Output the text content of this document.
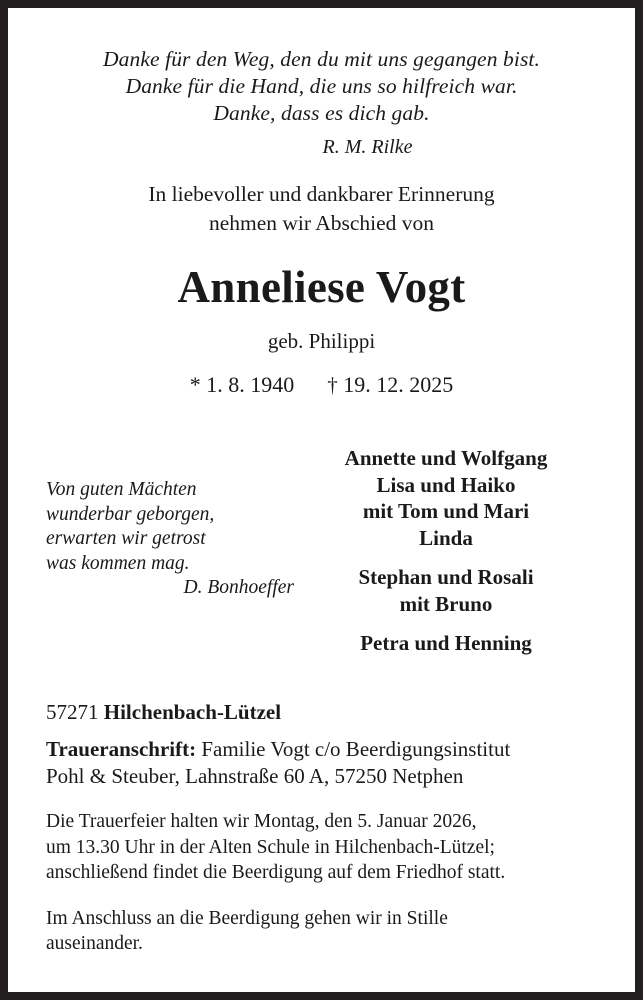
Danke für den Weg, den du mit uns gegangen bist.
Danke für die Hand, die uns so hilfreich war.
Danke, dass es dich gab.
R. M. Rilke
In liebevoller und dankbarer Erinnerung
nehmen wir Abschied von
Anneliese Vogt
geb. Philippi
* 1. 8. 1940 † 19. 12. 2025
Von guten Mächten
wunderbar geborgen,
erwarten wir getrost
was kommen mag.
D. Bonhoeffer
Annette und Wolfgang
Lisa und Haiko
mit Tom und Mari
Linda
Stephan und Rosali
mit Bruno
Petra und Henning
57271 Hilchenbach-Lützel
Traueranschrift: Familie Vogt c/o Beerdigungsinstitut
Pohl & Steuber, Lahnstraße 60 A, 57250 Netphen
Die Trauerfeier halten wir Montag, den 5. Januar 2026,
um 13.30 Uhr in der Alten Schule in Hilchenbach-Lützel;
anschließend findet die Beerdigung auf dem Friedhof statt.
Im Anschluss an die Beerdigung gehen wir in Stille
auseinander.
